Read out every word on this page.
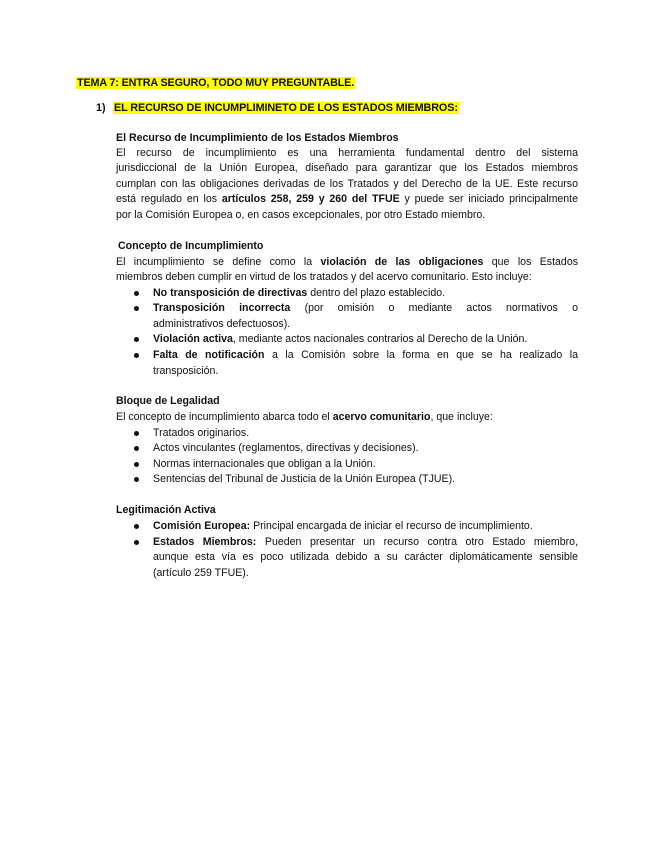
TEMA 7: ENTRA SEGURO, TODO MUY PREGUNTABLE.
1) EL RECURSO DE INCUMPLIMINETO DE LOS ESTADOS MIEMBROS:
El Recurso de Incumplimiento de los Estados Miembros
El recurso de incumplimiento es una herramienta fundamental dentro del sistema
jurisdiccional de la Unión Europea, diseñado para garantizar que los Estados miembros
cumplan con las obligaciones derivadas de los Tratados y del Derecho de la UE. Este recurso
está regulado en los artículos 258, 259 y 260 del TFUE y puede ser iniciado principalmente
por la Comisión Europea o, en casos excepcionales, por otro Estado miembro.
Concepto de Incumplimiento
El incumplimiento se define como la violación de las obligaciones que los Estados
miembros deben cumplir en virtud de los tratados y del acervo comunitario. Esto incluye:
No transposición de directivas dentro del plazo establecido.
Transposición incorrecta (por omisión o mediante actos normativos o
administrativos defectuosos).
Violación activa, mediante actos nacionales contrarios al Derecho de la Unión.
Falta de notificación a la Comisión sobre la forma en que se ha realizado la
transposición.
Bloque de Legalidad
El concepto de incumplimiento abarca todo el acervo comunitario, que incluye:
Tratados originarios.
Actos vinculantes (reglamentos, directivas y decisiones).
Normas internacionales que obligan a la Unión.
Sentencias del Tribunal de Justicia de la Unión Europea (TJUE).
Legitimación Activa
Comisión Europea: Principal encargada de iniciar el recurso de incumplimiento.
Estados Miembros: Pueden presentar un recurso contra otro Estado miembro,
aunque esta vía es poco utilizada debido a su carácter diplomáticamente sensible
(artículo 259 TFUE).
